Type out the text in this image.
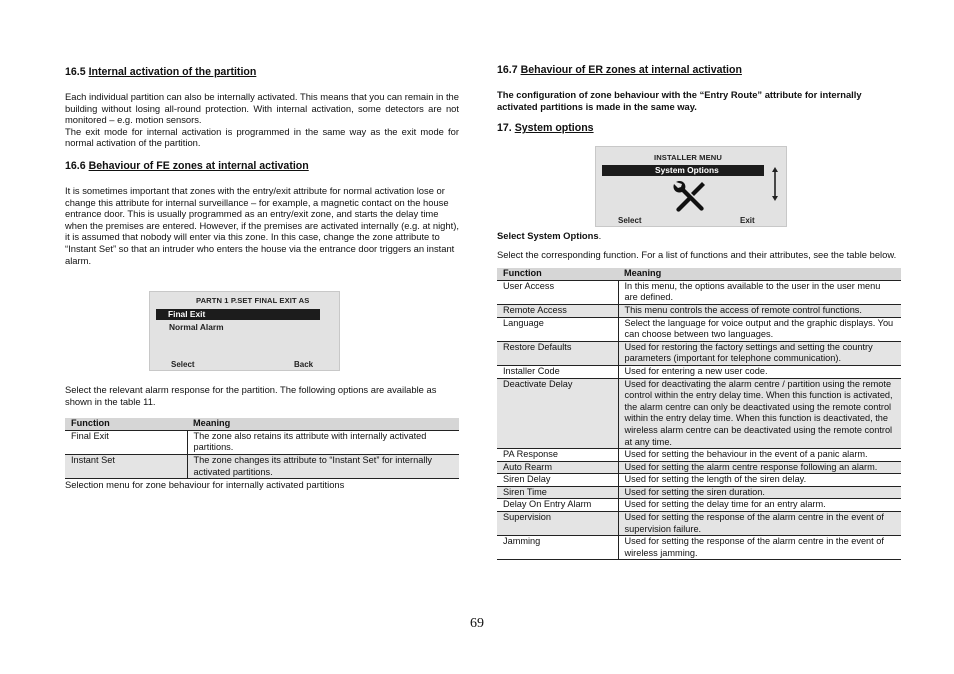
16.5 Internal activation of the partition
Each individual partition can also be internally activated. This means that you can remain in the building without losing all-round protection. With internal activation, some detectors are not monitored – e.g. motion sensors.
The exit mode for internal activation is programmed in the same way as the exit mode for normal activation of the partition.
16.6 Behaviour of FE zones at internal activation
It is sometimes important that zones with the entry/exit attribute for normal activation lose or change this attribute for internal surveillance – for example, a magnetic contact on the house entrance door. This is usually programmed as an entry/exit zone, and starts the delay time when the premises are entered. However, if the premises are activated internally (e.g. at night), it is assumed that nobody will enter via this zone. In this case, change the zone attribute to “Instant Set” so that an intruder who enters the house via the entrance door triggers an instant alarm.
PARTN 1 P.SET FINAL EXIT AS
Final Exit
Normal Alarm
Select	Back
Select the relevant alarm response for the partition. The following options are available as shown in the table 11.
Function	Meaning
Final Exit	The zone also retains its attribute with internally activated partitions.
Instant Set	The zone changes its attribute to “Instant Set” for internally activated partitions.
Selection menu for zone behaviour for internally activated partitions
16.7 Behaviour of ER zones at internal activation
The configuration of zone behaviour with the “Entry Route” attribute for internally activated partitions is made in the same way.
17. System options
INSTALLER MENU
System Options
Select	Exit
Select System Options.
Select the corresponding function. For a list of functions and their attributes, see the table below.
Function	Meaning
User Access	In this menu, the options available to the user in the user menu are defined.
Remote Access	This menu controls the access of remote control functions.
Language	Select the language for voice output and the graphic displays. You can choose between two languages.
Restore Defaults	Used for restoring the factory settings and setting the country parameters (important for telephone communication).
Installer Code	Used for entering a new user code.
Deactivate Delay	Used for deactivating the alarm centre / partition using the remote control within the entry delay time. When this function is activated, the alarm centre can only be deactivated using the remote control within the entry delay time. When this function is deactivated, the wireless alarm centre can be deactivated using the remote control at any time.
PA Response	Used for setting the behaviour in the event of a panic alarm.
Auto Rearm	Used for setting the alarm centre response following an alarm.
Siren Delay	Used for setting the length of the siren delay.
Siren Time	Used for setting the siren duration.
Delay On Entry Alarm	Used for setting the delay time for an entry alarm.
Supervision	Used for setting the response of the alarm centre in the event of supervision failure.
Jamming	Used for setting the response of the alarm centre in the event of wireless jamming.
69
